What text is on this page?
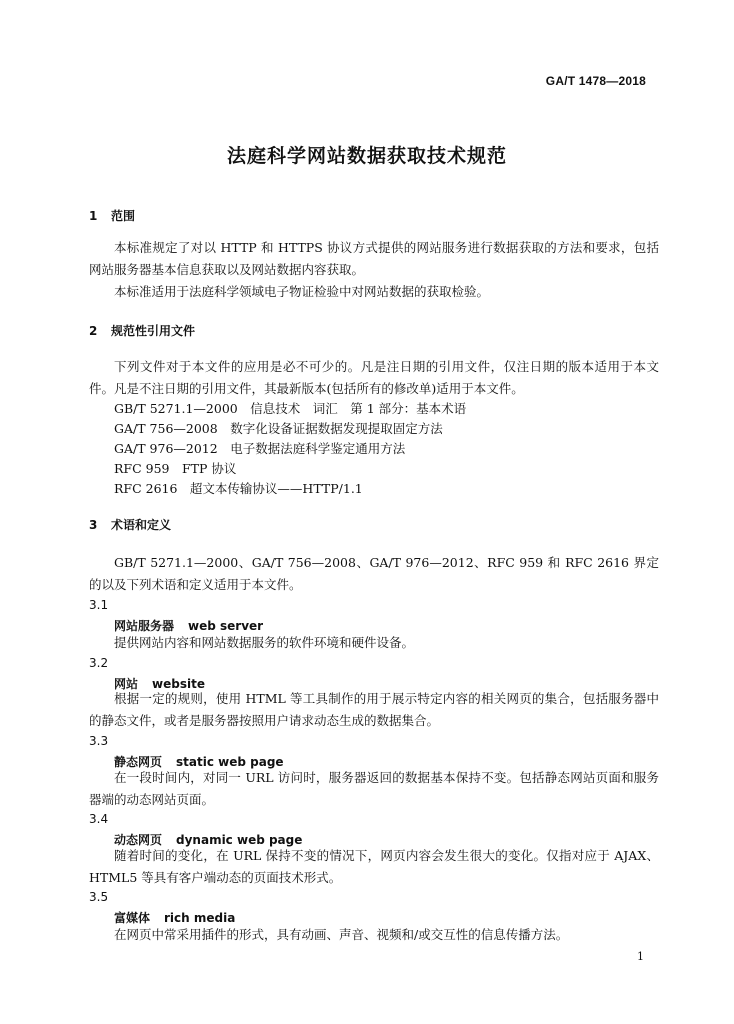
GA/T 1478—2018
法庭科学网站数据获取技术规范
1 范围
本标准规定了对以 HTTP 和 HTTPS 协议方式提供的网站服务进行数据获取的方法和要求，包括网站服务器基本信息获取以及网站数据内容获取。
本标准适用于法庭科学领域电子物证检验中对网站数据的获取检验。
2 规范性引用文件
下列文件对于本文件的应用是必不可少的。凡是注日期的引用文件，仅注日期的版本适用于本文件。凡是不注日期的引用文件，其最新版本(包括所有的修改单)适用于本文件。
GB/T 5271.1—2000　信息技术　词汇　第 1 部分：基本术语
GA/T 756—2008　数字化设备证据数据发现提取固定方法
GA/T 976—2012　电子数据法庭科学鉴定通用方法
RFC 959　FTP 协议
RFC 2616　超文本传输协议——HTTP/1.1
3 术语和定义
GB/T 5271.1—2000、GA/T 756—2008、GA/T 976—2012、RFC 959 和 RFC 2616 界定的以及下列术语和定义适用于本文件。
3.1
网站服务器 web server
提供网站内容和网站数据服务的软件环境和硬件设备。
3.2
网站 website
根据一定的规则，使用 HTML 等工具制作的用于展示特定内容的相关网页的集合，包括服务器中的静态文件，或者是服务器按照用户请求动态生成的数据集合。
3.3
静态网页 static web page
在一段时间内，对同一 URL 访问时，服务器返回的数据基本保持不变。包括静态网站页面和服务器端的动态网站页面。
3.4
动态网页 dynamic web page
随着时间的变化，在 URL 保持不变的情况下，网页内容会发生很大的变化。仅指对应于 AJAX、HTML5 等具有客户端动态的页面技术形式。
3.5
富媒体 rich media
在网页中常采用插件的形式，具有动画、声音、视频和/或交互性的信息传播方法。
1
